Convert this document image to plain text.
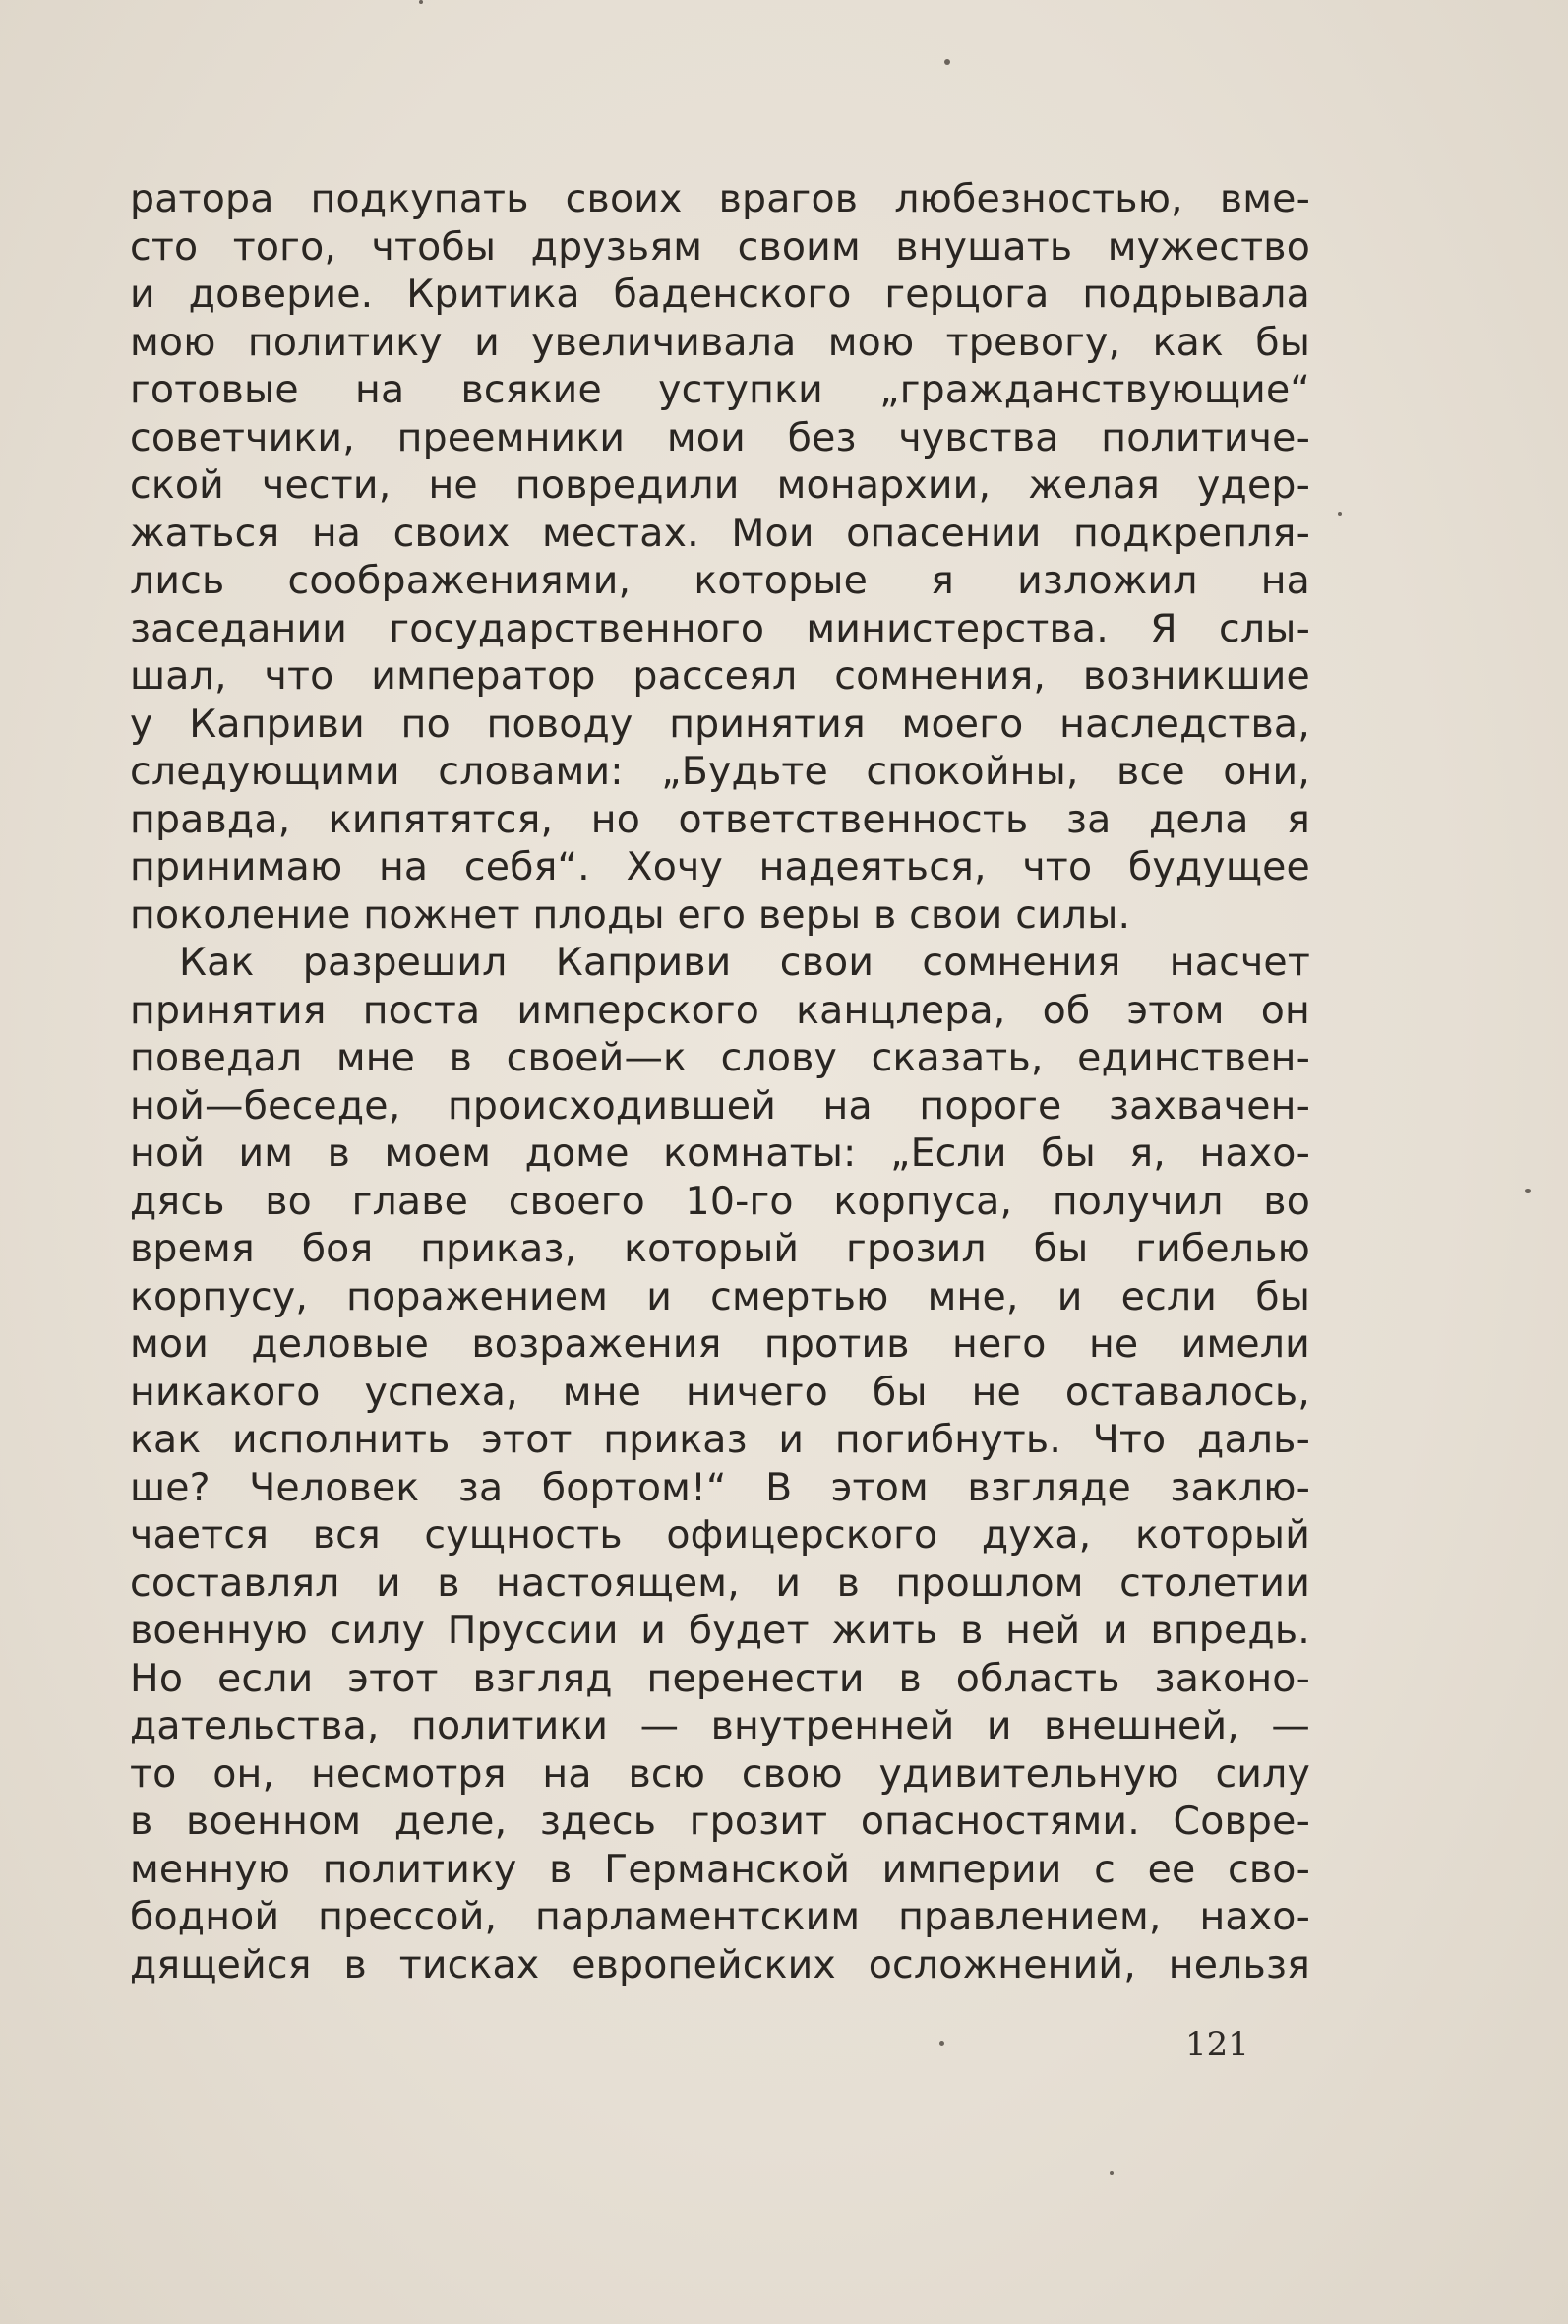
ратора подкупать своих врагов любезностью, вме-
сто того, чтобы друзьям своим внушать мужество
и доверие. Критика баденского герцога подрывала
мою политику и увеличивала мою тревогу, как бы
готовые на всякие уступки „гражданствующие“
советчики, преемники мои без чувства политиче-
ской чести, не повредили монархии, желая удер-
жаться на своих местах. Мои опасении подкрепля-
лись соображениями, которые я изложил на
заседании государственного министерства. Я слы-
шал, что император рассеял сомнения, возникшие
у Каприви по поводу принятия моего наследства,
следующими словами: „Будьте спокойны, все они,
правда, кипятятся, но ответственность за дела я
принимаю на себя“. Хочу надеяться, что будущее
поколение пожнет плоды его веры в свои силы.
Как разрешил Каприви свои сомнения насчет
принятия поста имперского канцлера, об этом он
поведал мне в своей—к слову сказать, единствен-
ной—беседе, происходившей на пороге захвачен-
ной им в моем доме комнаты: „Если бы я, нахо-
дясь во главе своего 10-го корпуса, получил во
время боя приказ, который грозил бы гибелью
корпусу, поражением и смертью мне, и если бы
мои деловые возражения против него не имели
никакого успеха, мне ничего бы не оставалось,
как исполнить этот приказ и погибнуть. Что даль-
ше? Человек за бортом!“ В этом взгляде заклю-
чается вся сущность офицерского духа, который
составлял и в настоящем, и в прошлом столетии
военную силу Пруссии и будет жить в ней и впредь.
Но если этот взгляд перенести в область законо-
дательства, политики — внутренней и внешней, —
то он, несмотря на всю свою удивительную силу
в военном деле, здесь грозит опасностями. Совре-
менную политику в Германской империи с ее сво-
бодной прессой, парламентским правлением, нахо-
дящейся в тисках европейских осложнений, нельзя
121
